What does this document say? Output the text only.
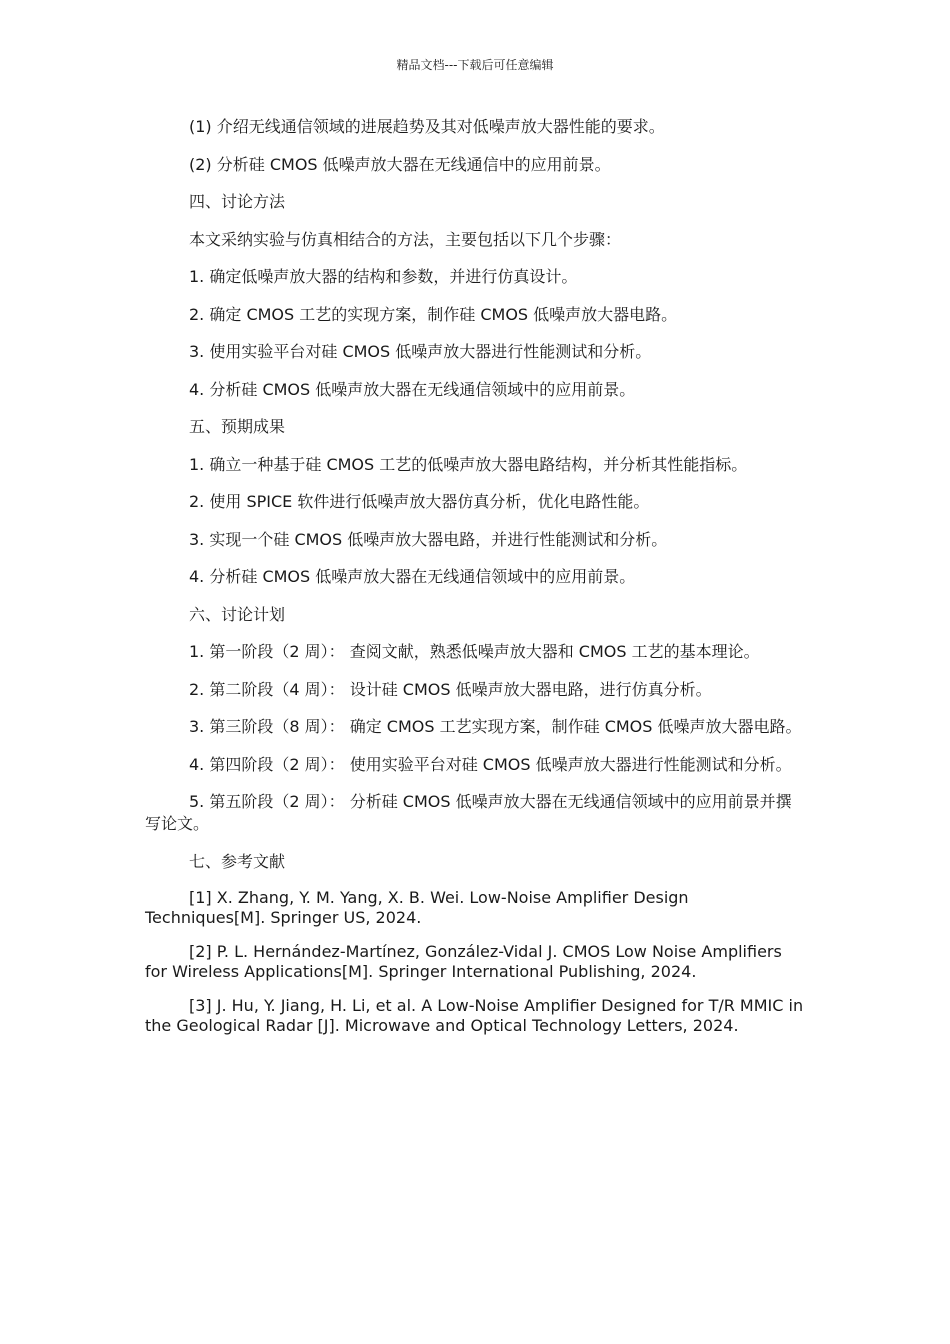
精品文档---下载后可任意编辑

(1) 介绍无线通信领域的进展趋势及其对低噪声放大器性能的要求。

(2) 分析硅 CMOS 低噪声放大器在无线通信中的应用前景。

四、讨论方法

本文采纳实验与仿真相结合的方法，主要包括以下几个步骤：

1. 确定低噪声放大器的结构和参数，并进行仿真设计。

2. 确定 CMOS 工艺的实现方案，制作硅 CMOS 低噪声放大器电路。

3. 使用实验平台对硅 CMOS 低噪声放大器进行性能测试和分析。

4. 分析硅 CMOS 低噪声放大器在无线通信领域中的应用前景。

五、预期成果

1. 确立一种基于硅 CMOS 工艺的低噪声放大器电路结构，并分析其性能指标。

2. 使用 SPICE 软件进行低噪声放大器仿真分析，优化电路性能。

3. 实现一个硅 CMOS 低噪声放大器电路，并进行性能测试和分析。

4. 分析硅 CMOS 低噪声放大器在无线通信领域中的应用前景。

六、讨论计划

1. 第一阶段（2 周）： 查阅文献，熟悉低噪声放大器和 CMOS 工艺的基本理论。

2. 第二阶段（4 周）： 设计硅 CMOS 低噪声放大器电路，进行仿真分析。

3. 第三阶段（8 周）： 确定 CMOS 工艺实现方案，制作硅 CMOS 低噪声放大器电路。

4. 第四阶段（2 周）： 使用实验平台对硅 CMOS 低噪声放大器进行性能测试和分析。

5. 第五阶段（2 周）： 分析硅 CMOS 低噪声放大器在无线通信领域中的应用前景并撰写论文。

七、参考文献

[1] X. Zhang, Y. M. Yang, X. B. Wei. Low-Noise Amplifier Design Techniques[M]. Springer US, 2024.

[2] P. L. Hernández-Martínez, González-Vidal J. CMOS Low Noise Amplifiers for Wireless Applications[M]. Springer International Publishing, 2024.

[3] J. Hu, Y. Jiang, H. Li, et al. A Low-Noise Amplifier Designed for T/R MMIC in the Geological Radar [J]. Microwave and Optical Technology Letters, 2024.
